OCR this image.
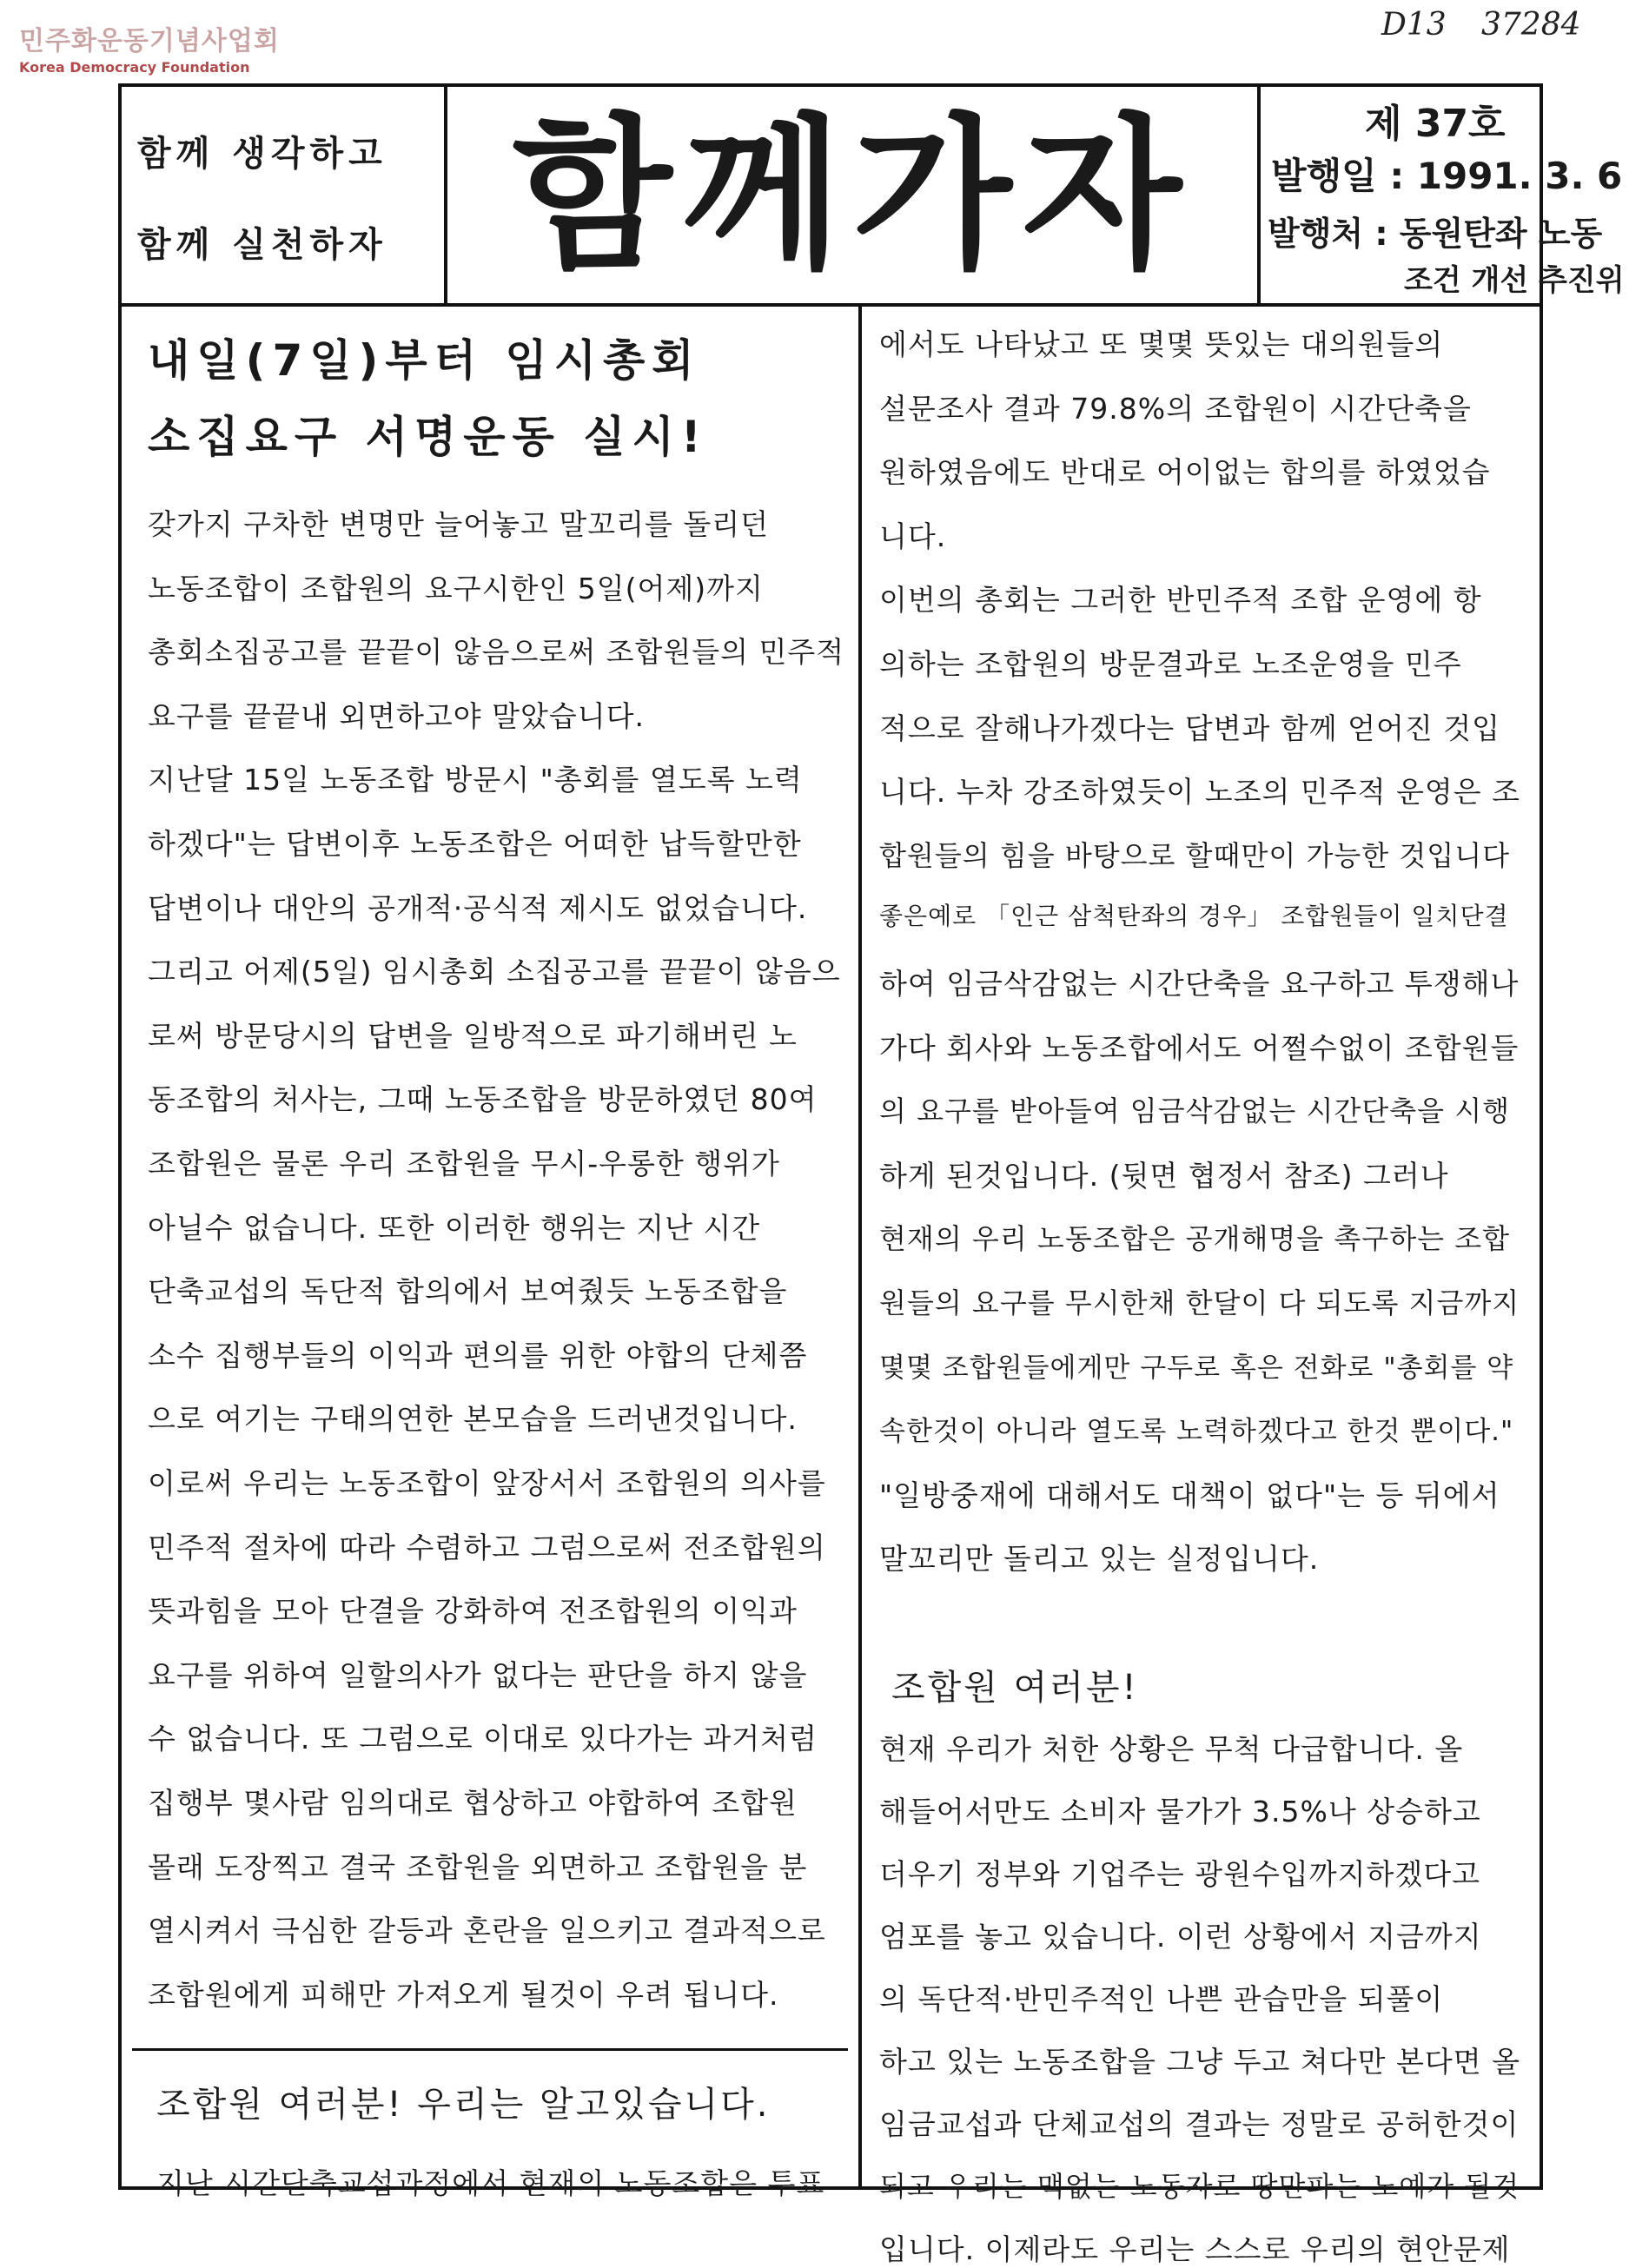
민주화운동기념사업회
Korea Democracy Foundation
D13 37284
함께 생각하고
함께 실천하자 함께가자	제 37호
발행일 : 1991. 3. 6
발행처 : 동원탄좌 노동
조건 개선 추진위
내일(7일)부터 임시총회
소집요구 서명운동 실시!
갖가지 구차한 변명만 늘어놓고 말꼬리를 돌리던
노동조합이 조합원의 요구시한인 5일(어제)까지
총회소집공고를 끝끝이 않음으로써 조합원들의 민주적
요구를 끝끝내 외면하고야 말았습니다.
지난달 15일 노동조합 방문시 "총회를 열도록 노력
하겠다"는 답변이후 노동조합은 어떠한 납득할만한
답변이나 대안의 공개적·공식적 제시도 없었습니다.
그리고 어제(5일) 임시총회 소집공고를 끝끝이 않음으
로써 방문당시의 답변을 일방적으로 파기해버린 노
동조합의 처사는, 그때 노동조합을 방문하였던 80여
조합원은 물론 우리 조합원을 무시-우롱한 행위가
아닐수 없습니다. 또한 이러한 행위는 지난 시간
단축교섭의 독단적 합의에서 보여줬듯 노동조합을
소수 집행부들의 이익과 편의를 위한 야합의 단체쯤
으로 여기는 구태의연한 본모습을 드러낸것입니다.
이로써 우리는 노동조합이 앞장서서 조합원의 의사를
민주적 절차에 따라 수렴하고 그럼으로써 전조합원의
뜻과힘을 모아 단결을 강화하여 전조합원의 이익과
요구를 위하여 일할의사가 없다는 판단을 하지 않을
수 없습니다. 또 그럼으로 이대로 있다가는 과거처럼
집행부 몇사람 임의대로 협상하고 야합하여 조합원
몰래 도장찍고 결국 조합원을 외면하고 조합원을 분
열시켜서 극심한 갈등과 혼란을 일으키고 결과적으로
조합원에게 피해만 가져오게 될것이 우려 됩니다.
조합원 여러분! 우리는 알고있습니다.
지난 시간단축교섭과정에서 현재의 노동조합은 투표
에서도 나타났고 또 몇몇 뜻있는 대의원들의
설문조사 결과 79.8%의 조합원이 시간단축을
원하였음에도 반대로 어이없는 합의를 하였었습
니다.
이번의 총회는 그러한 반민주적 조합 운영에 항
의하는 조합원의 방문결과로 노조운영을 민주
적으로 잘해나가겠다는 답변과 함께 얻어진 것입
니다. 누차 강조하였듯이 노조의 민주적 운영은 조
합원들의 힘을 바탕으로 할때만이 가능한 것입니다
좋은예로 「인근 삼척탄좌의 경우」 조합원들이 일치단결
하여 임금삭감없는 시간단축을 요구하고 투쟁해나
가다 회사와 노동조합에서도 어쩔수없이 조합원들
의 요구를 받아들여 임금삭감없는 시간단축을 시행
하게 된것입니다. (뒷면 협정서 참조) 그러나
현재의 우리 노동조합은 공개해명을 촉구하는 조합
원들의 요구를 무시한채 한달이 다 되도록 지금까지
몇몇 조합원들에게만 구두로 혹은 전화로 "총회를 약
속한것이 아니라 열도록 노력하겠다고 한것 뿐이다."
"일방중재에 대해서도 대책이 없다"는 등 뒤에서
말꼬리만 돌리고 있는 실정입니다.
조합원 여러분!
현재 우리가 처한 상황은 무척 다급합니다. 올
해들어서만도 소비자 물가가 3.5%나 상승하고
더우기 정부와 기업주는 광원수입까지하겠다고
엄포를 놓고 있습니다. 이런 상황에서 지금까지
의 독단적·반민주적인 나쁜 관습만을 되풀이
하고 있는 노동조합을 그냥 두고 쳐다만 본다면 올
임금교섭과 단체교섭의 결과는 정말로 공허한것이
되고 우리는 맥없는 노동자로 땅만파는 노예가 될것
입니다. 이제라도 우리는 스스로 우리의 현안문제
